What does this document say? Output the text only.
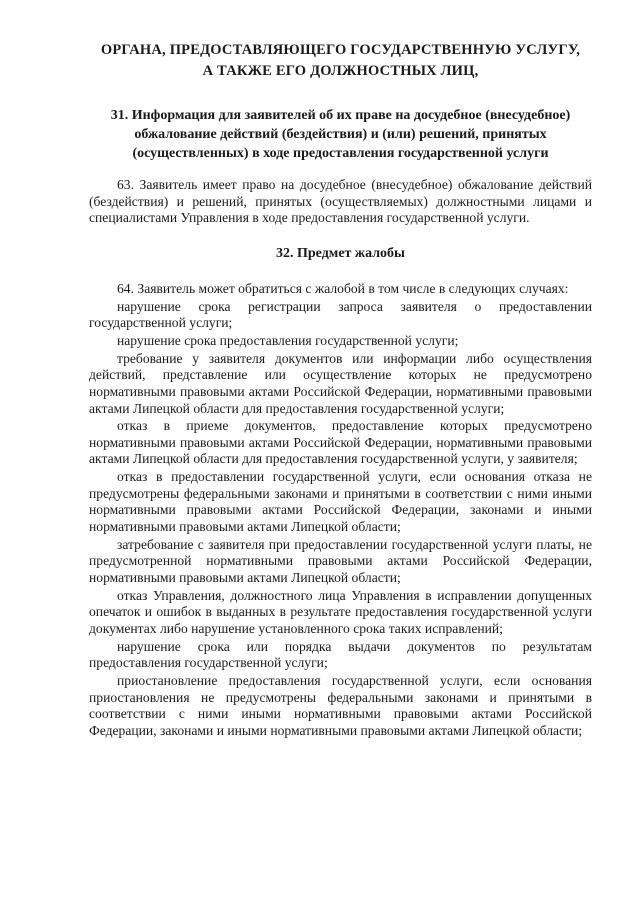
ОРГАНА, ПРЕДОСТАВЛЯЮЩЕГО ГОСУДАРСТВЕННУЮ УСЛУГУ,

А ТАКЖЕ ЕГО ДОЛЖНОСТНЫХ ЛИЦ,

31. Информация для заявителей об их праве на досудебное (внесудебное)

обжалование действий (бездействия) и (или) решений, принятых

(осуществленных) в ходе предоставления государственной услуги

63. Заявитель имеет право на досудебное (внесудебное) обжалование действий (бездействия) и решений, принятых (осуществляемых) должностными лицами и специалистами Управления в ходе предоставления государственной услуги.

32. Предмет жалобы

64. Заявитель может обратиться с жалобой в том числе в следующих случаях:

нарушение срока регистрации запроса заявителя о предоставлении государственной услуги;

нарушение срока предоставления государственной услуги;

требование у заявителя документов или информации либо осуществления действий, представление или осуществление которых не предусмотрено нормативными правовыми актами Российской Федерации, нормативными правовыми актами Липецкой области для предоставления государственной услуги;

отказ в приеме документов, предоставление которых предусмотрено нормативными правовыми актами Российской Федерации, нормативными правовыми актами Липецкой области для предоставления государственной услуги, у заявителя;

отказ в предоставлении государственной услуги, если основания отказа не предусмотрены федеральными законами и принятыми в соответствии с ними иными нормативными правовыми актами Российской Федерации, законами и иными нормативными правовыми актами Липецкой области;

затребование с заявителя при предоставлении государственной услуги платы, не предусмотренной нормативными правовыми актами Российской Федерации, нормативными правовыми актами Липецкой области;

отказ Управления, должностного лица Управления в исправлении допущенных опечаток и ошибок в выданных в результате предоставления государственной услуги документах либо нарушение установленного срока таких исправлений;

нарушение срока или порядка выдачи документов по результатам предоставления государственной услуги;

приостановление предоставления государственной услуги, если основания приостановления не предусмотрены федеральными законами и принятыми в соответствии с ними иными нормативными правовыми актами Российской Федерации, законами и иными нормативными правовыми актами Липецкой области;
